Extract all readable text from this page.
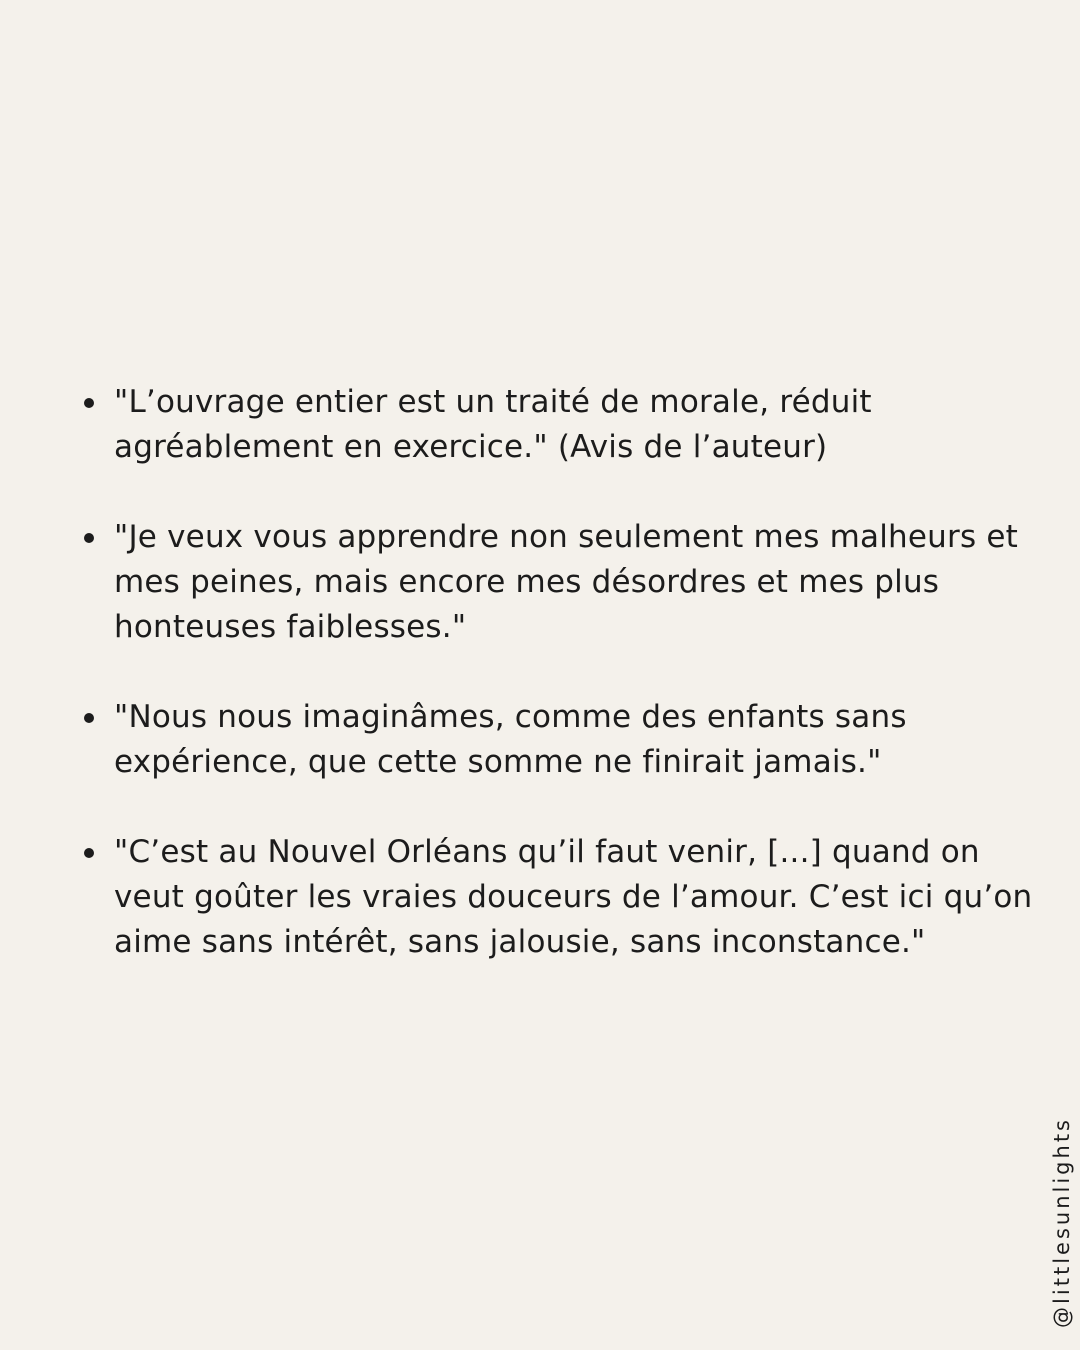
"L’ouvrage entier est un traité de morale, réduit agréablement en exercice." (Avis de l’auteur)
"Je veux vous apprendre non seulement mes malheurs et mes peines, mais encore mes désordres et mes plus honteuses faiblesses."
"Nous nous imaginâmes, comme des enfants sans expérience, que cette somme ne finirait jamais."
"C’est au Nouvel Orléans qu’il faut venir, [...] quand on veut goûter les vraies douceurs de l’amour. C’est ici qu’on aime sans intérêt, sans jalousie, sans inconstance."
@littlesunlights
